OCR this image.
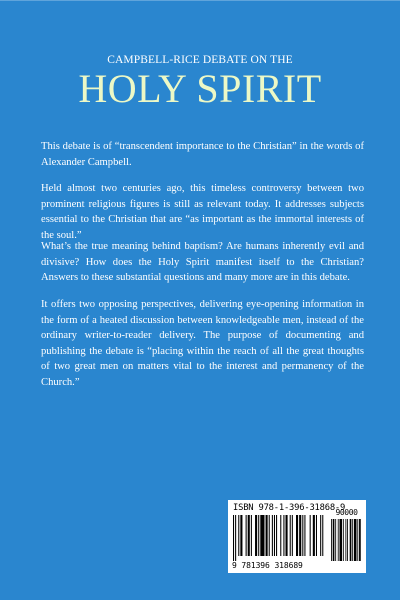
CAMPBELL-RICE DEBATE ON THE
HOLY SPIRIT

This debate is of “transcendent importance to the Christian” in the words of Alexander Campbell.

Held almost two centuries ago, this timeless controversy between two prominent religious figures is still as relevant today. It addresses subjects essential to the Christian that are “as important as the immortal interests of the soul.”

What’s the true meaning behind baptism? Are humans inherently evil and divisive? How does the Holy Spirit manifest itself to the Christian? Answers to these substantial questions and many more are in this debate.

It offers two opposing perspectives, delivering eye-opening information in the form of a heated discussion between knowledgeable men, instead of the ordinary writer-to-reader delivery. The purpose of documenting and publishing the debate is “placing within the reach of all the great thoughts of two great men on matters vital to the interest and permanency of the Church.”

ISBN 978-1-396-31868-9
90000
9 781396 318689
